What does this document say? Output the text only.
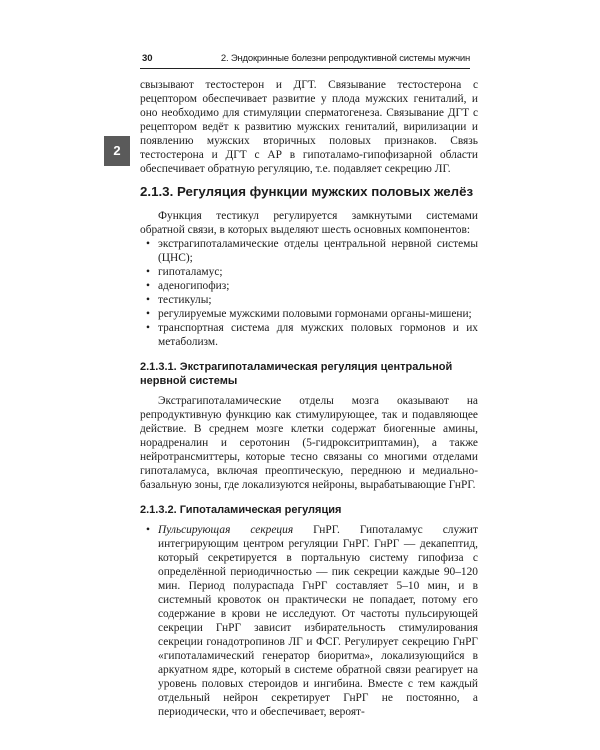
30	2. Эндокринные болезни репродуктивной системы мужчин
2

свызывают тестостерон и ДГТ. Связывание тестостерона с рецептором обеспечивает развитие у плода мужских гениталий, и оно необходимо для стимуляции сперматогенеза. Связывание ДГТ с рецептором ведёт к развитию мужских гениталий, вирилизации и появлению мужских вторичных половых признаков. Связь тестостерона и ДГТ с АР в гипоталамо-гипофизарной области обеспечивает обратную регуляцию, т.е. подавляет секрецию ЛГ.

2.1.3. Регуляция функции мужских половых желёз

Функция тестикул регулируется замкнутыми системами обратной связи, в которых выделяют шесть основных компонентов:

• экстрагипоталамические отделы центральной нервной системы (ЦНС);
• гипоталамус;
• аденогипофиз;
• тестикулы;
• регулируемые мужскими половыми гормонами органы-мишени;
• транспортная система для мужских половых гормонов и их метаболизм.
2.1.3.1. Экстрагипоталамическая регуляция центральной нервной системы

Экстрагипоталамические отделы мозга оказывают на репродуктивную функцию как стимулирующее, так и подавляющее действие. В среднем мозге клетки содержат биогенные амины, норадреналин и серотонин (5-гидрокситриптамин), а также нейротрансмиттеры, которые тесно связаны со многими отделами гипоталамуса, включая преоптическую, переднюю и медиально-базальную зоны, где локализуются нейроны, вырабатывающие ГнРГ.

2.1.3.2. Гипоталамическая регуляция
• Пульсирующая секреция ГнРГ. Гипоталамус служит интегрирующим центром регуляции ГнРГ. ГнРГ — декапептид, который секретируется в портальную систему гипофиза с определённой периодичностью — пик секреции каждые 90–120 мин. Период полураспада ГнРГ составляет 5–10 мин, и в системный кровоток он практически не попадает, потому его содержание в крови не исследуют. От частоты пульсирующей секреции ГнРГ зависит избирательность стимулирования секреции гонадотропинов ЛГ и ФСГ. Регулирует секрецию ГнРГ «гипоталамический генератор биоритма», локализующийся в аркуатном ядре, который в системе обратной связи реагирует на уровень половых стероидов и ингибина. Вместе с тем каждый отдельный нейрон секретирует ГнРГ не постоянно, а периодически, что и обеспечивает, вероят-
